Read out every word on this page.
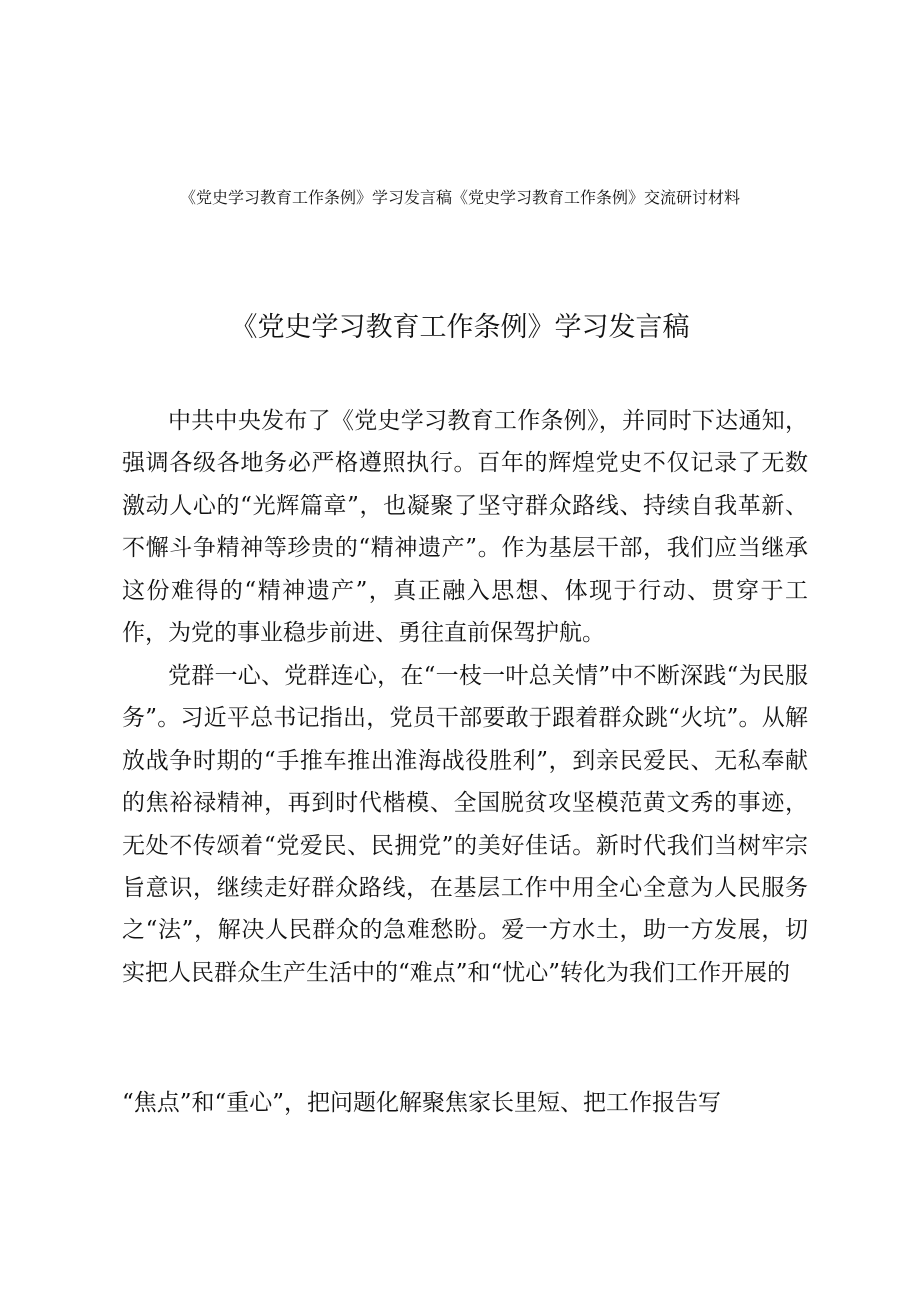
《党史学习教育工作条例》学习发言稿《党史学习教育工作条例》交流研讨材料
《党史学习教育工作条例》学习发言稿

中共中央发布了《党史学习教育工作条例》，并同时下达通知，强调各级各地务必严格遵照执行。百年的辉煌党史不仅记录了无数激动人心的“光辉篇章”，也凝聚了坚守群众路线、持续自我革新、不懈斗争精神等珍贵的“精神遗产”。作为基层干部，我们应当继承这份难得的“精神遗产”，真正融入思想、体现于行动、贯穿于工作，为党的事业稳步前进、勇往直前保驾护航。

党群一心、党群连心，在“一枝一叶总关情”中不断深践“为民服务”。习近平总书记指出，党员干部要敢于跟着群众跳“火坑”。从解放战争时期的“手推车推出淮海战役胜利”，到亲民爱民、无私奉献的焦裕禄精神，再到时代楷模、全国脱贫攻坚模范黄文秀的事迹，无处不传颂着“党爱民、民拥党”的美好佳话。新时代我们当树牢宗旨意识，继续走好群众路线，在基层工作中用全心全意为人民服务之“法”，解决人民群众的急难愁盼。爱一方水土，助一方发展，切实把人民群众生产生活中的“难点”和“忧心”转化为我们工作开展的

“焦点”和“重心”，把问题化解聚焦家长里短、把工作报告写
